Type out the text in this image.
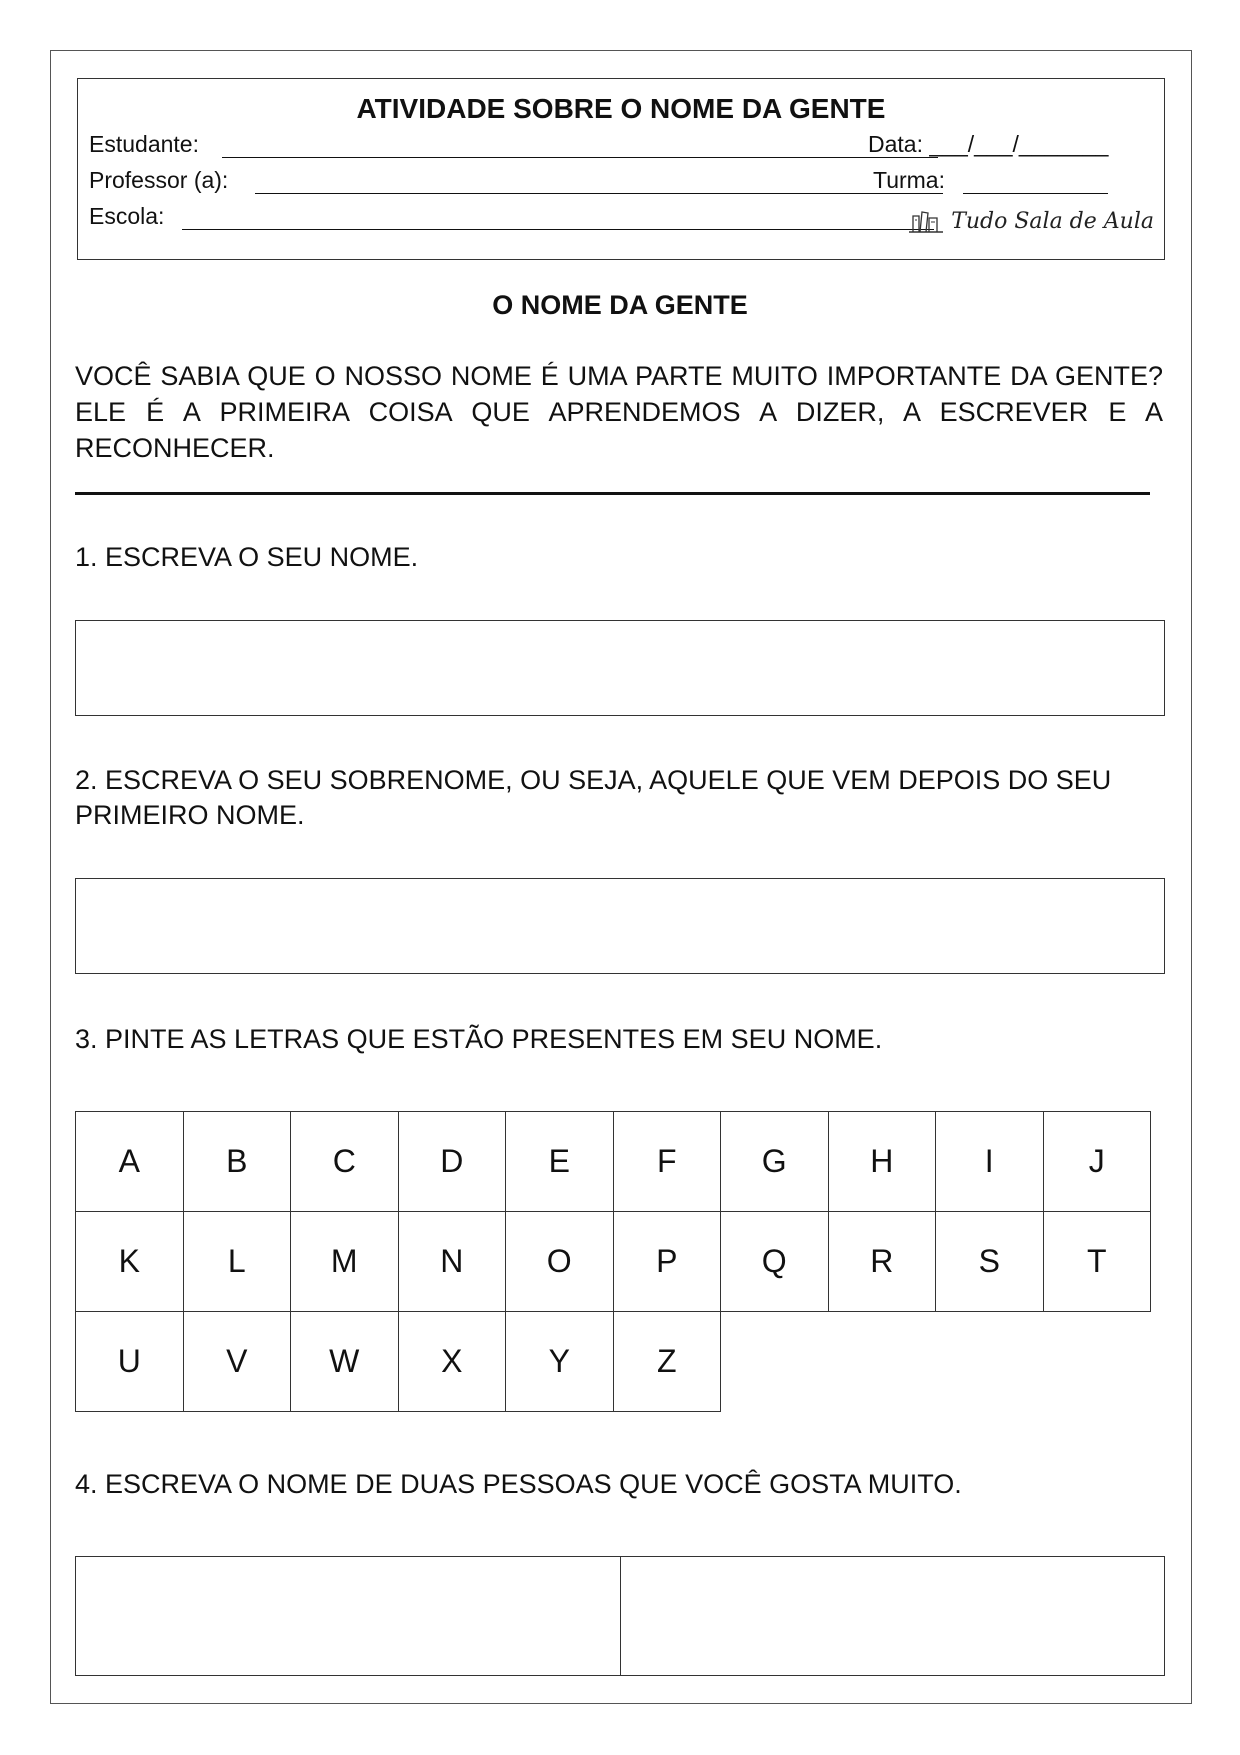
ATIVIDADE SOBRE O NOME DA GENTE
Estudante:	Data: ___/___/_______
Professor (a):	Turma:
Escola:	Tudo Sala de Aula
O NOME DA GENTE
VOCÊ SABIA QUE O NOSSO NOME É UMA PARTE MUITO IMPORTANTE DA GENTE? ELE É A PRIMEIRA COISA QUE APRENDEMOS A DIZER, A ESCREVER E A RECONHECER.
1. ESCREVA O SEU NOME.
2. ESCREVA O SEU SOBRENOME, OU SEJA, AQUELE QUE VEM DEPOIS DO SEU PRIMEIRO NOME.
3. PINTE AS LETRAS QUE ESTÃO PRESENTES EM SEU NOME.
A	B	C	D	E	F	G	H	I	J
K	L	M	N	O	P	Q	R	S	T
U	V	W	X	Y	Z				
4. ESCREVA O NOME DE DUAS PESSOAS QUE VOCÊ GOSTA MUITO.
